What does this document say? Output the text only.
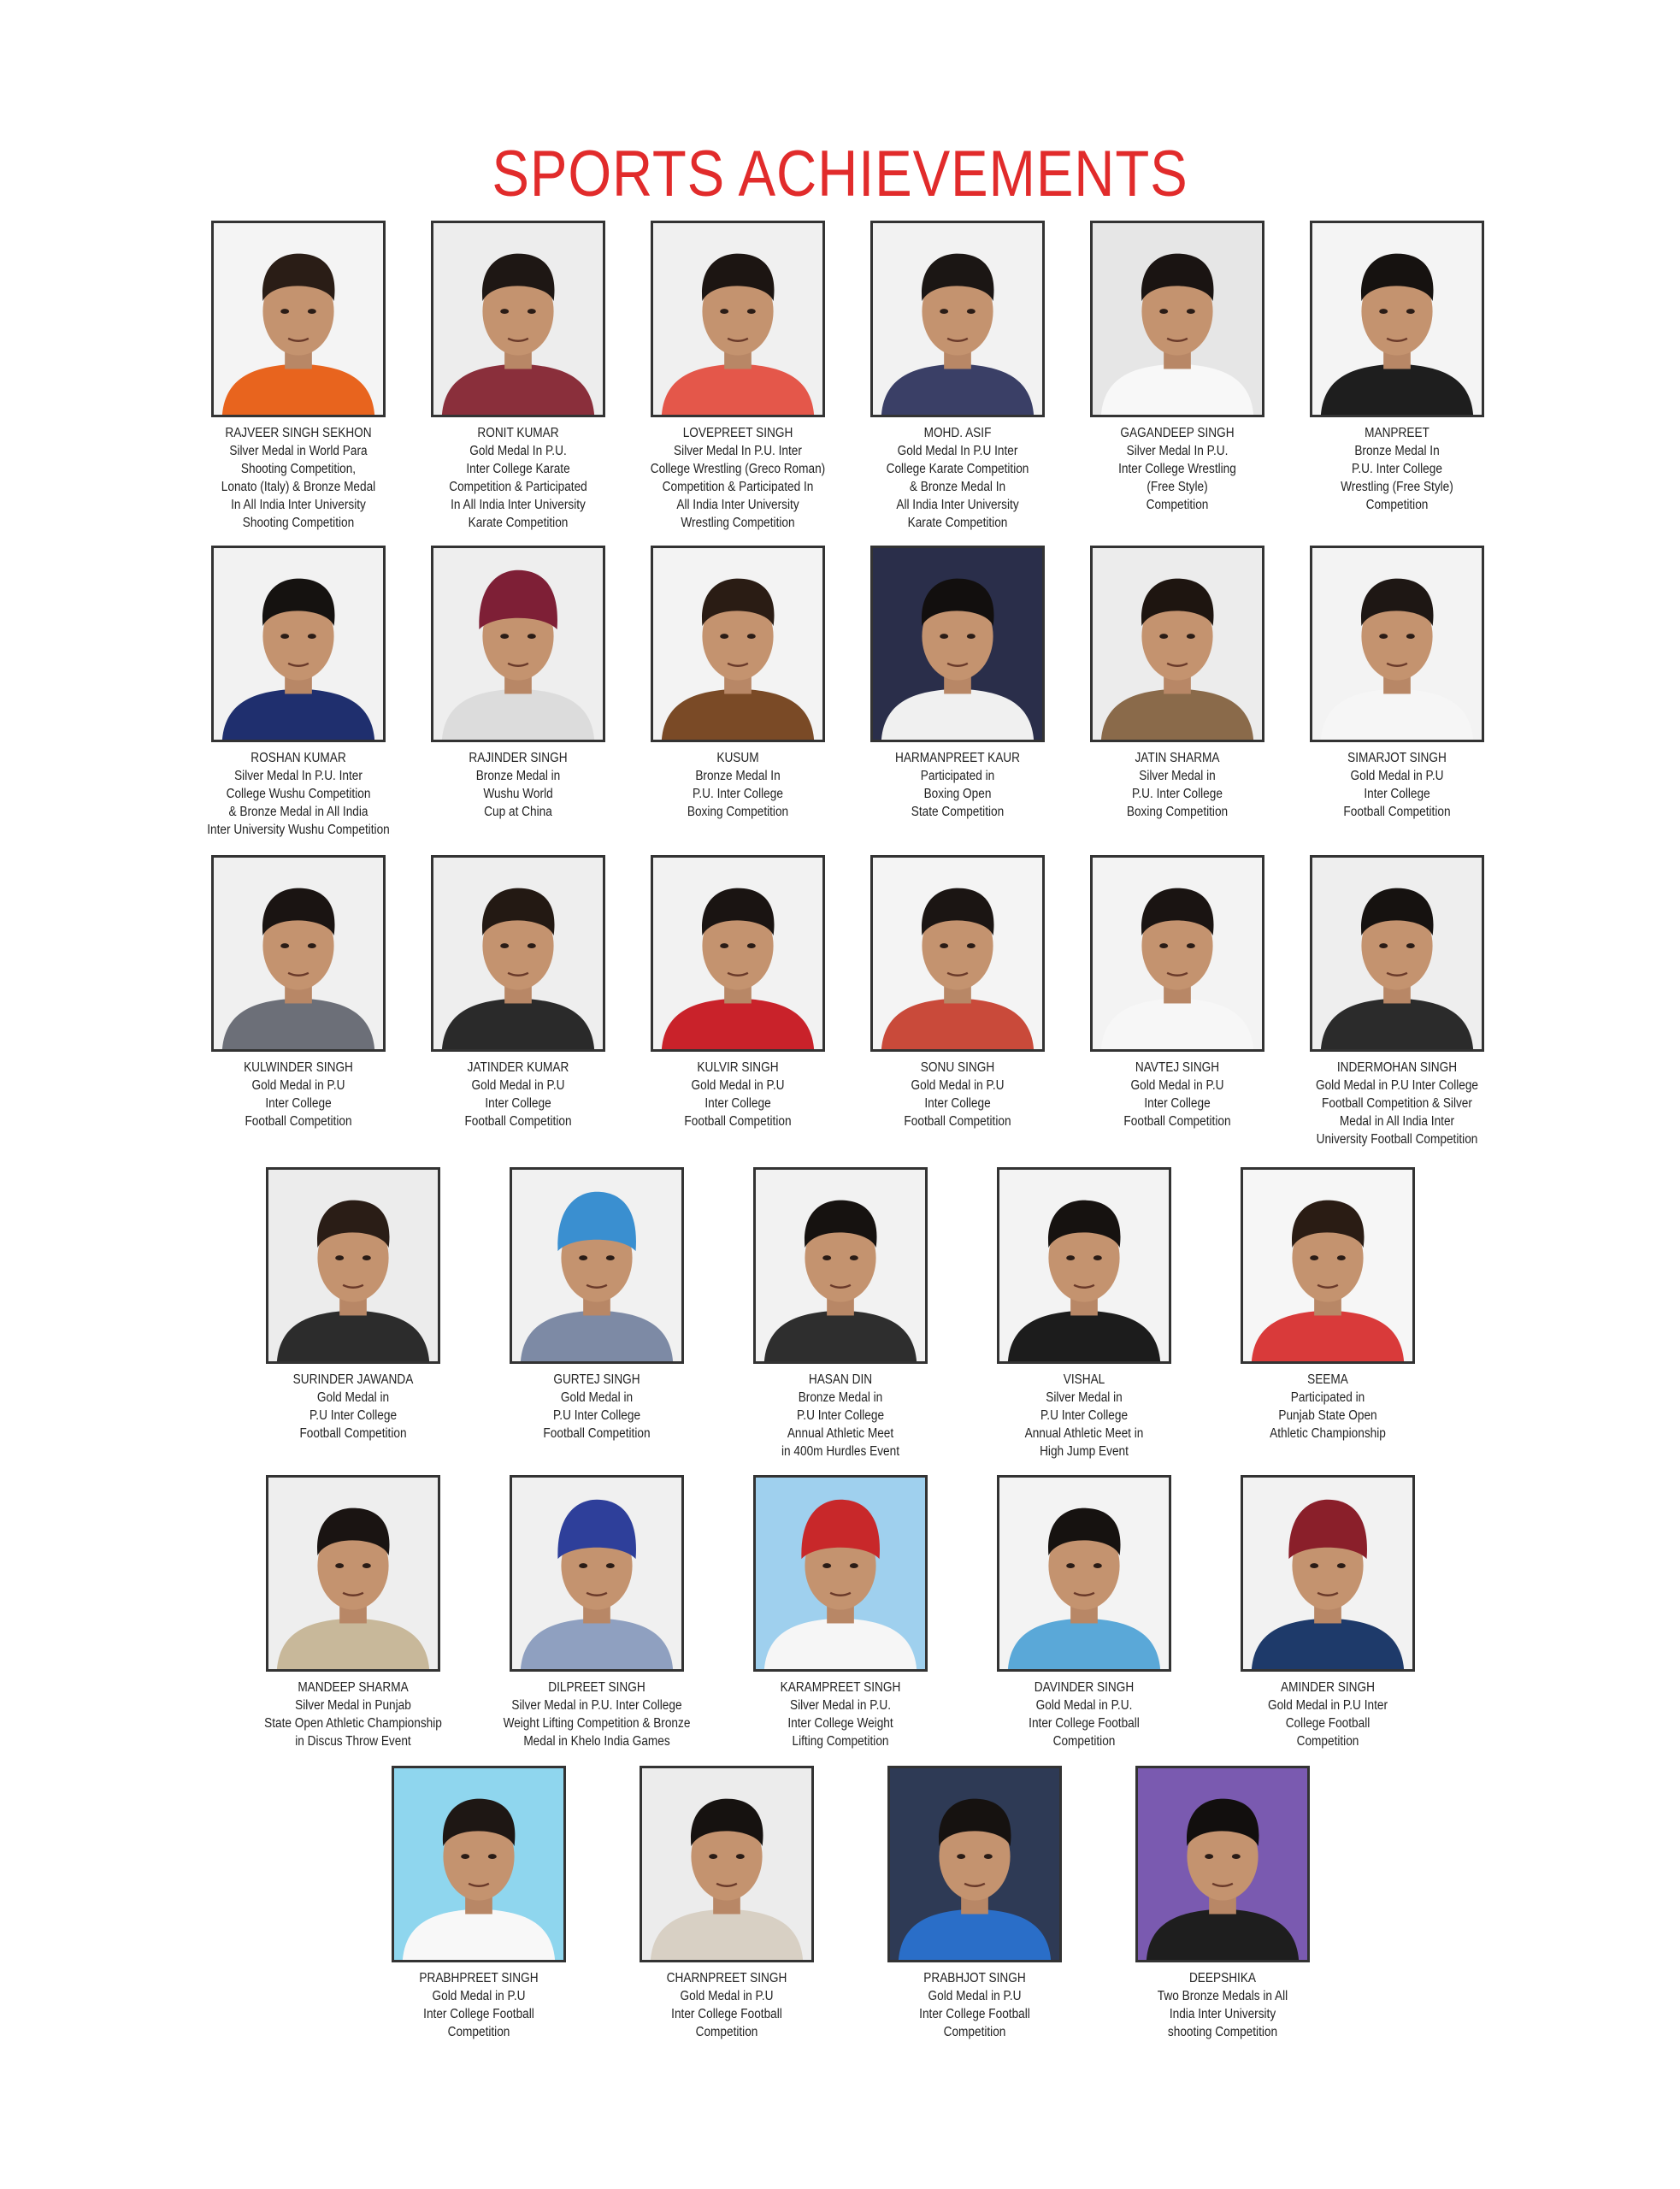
SPORTS ACHIEVEMENTS
RAJVEER SINGH SEKHON
Silver Medal in World Para
Shooting Competition,
Lonato (Italy) & Bronze Medal
In All India Inter University
Shooting Competition
RONIT KUMAR
Gold Medal In P.U.
Inter College Karate
Competition & Participated
In All India Inter University
Karate Competition
LOVEPREET SINGH
Silver Medal In P.U. Inter
College Wrestling (Greco Roman)
Competition & Participated In
All India Inter University
Wrestling Competition
MOHD. ASIF
Gold Medal In P.U Inter
College Karate Competition
& Bronze Medal In
All India Inter University
Karate Competition
GAGANDEEP SINGH
Silver Medal In P.U.
Inter College Wrestling
(Free Style)
Competition
MANPREET
Bronze Medal In
P.U. Inter College
Wrestling (Free Style)
Competition
ROSHAN KUMAR
Silver Medal In P.U. Inter
College Wushu Competition
& Bronze Medal in All India
Inter University Wushu Competition
RAJINDER SINGH
Bronze Medal in
Wushu World
Cup at China
KUSUM
Bronze Medal In
P.U. Inter College
Boxing Competition
HARMANPREET KAUR
Participated in
Boxing Open
State Competition
JATIN SHARMA
Silver Medal in
P.U. Inter College
Boxing Competition
SIMARJOT SINGH
Gold Medal in P.U
Inter College
Football Competition
KULWINDER SINGH
Gold Medal in P.U
Inter College
Football Competition
JATINDER KUMAR
Gold Medal in P.U
Inter College
Football Competition
KULVIR SINGH
Gold Medal in P.U
Inter College
Football Competition
SONU SINGH
Gold Medal in P.U
Inter College
Football Competition
NAVTEJ SINGH
Gold Medal in P.U
Inter College
Football Competition
INDERMOHAN SINGH
Gold Medal in P.U Inter College
Football Competition & Silver
Medal in All India Inter
University Football Competition
SURINDER JAWANDA
Gold Medal in
P.U Inter College
Football Competition
GURTEJ SINGH
Gold Medal in
P.U Inter College
Football Competition
HASAN DIN
Bronze Medal in
P.U Inter College
Annual Athletic Meet
in 400m Hurdles Event
VISHAL
Silver Medal in
P.U Inter College
Annual Athletic Meet in
High Jump Event
SEEMA
Participated in
Punjab State Open
Athletic Championship
MANDEEP SHARMA
Silver Medal in Punjab
State Open Athletic Championship
in Discus Throw Event
DILPREET SINGH
Silver Medal in P.U. Inter College
Weight Lifting Competition & Bronze
Medal in Khelo India Games
KARAMPREET SINGH
Silver Medal in P.U.
Inter College Weight
Lifting Competition
DAVINDER SINGH
Gold Medal in P.U.
Inter College Football
Competition
AMINDER SINGH
Gold Medal in P.U Inter
College Football
Competition
PRABHPREET SINGH
Gold Medal in P.U
Inter College Football
Competition
CHARNPREET SINGH
Gold Medal in P.U
Inter College Football
Competition
PRABHJOT SINGH
Gold Medal in P.U
Inter College Football
Competition
DEEPSHIKA
Two Bronze Medals in All
India Inter University
shooting Competition
